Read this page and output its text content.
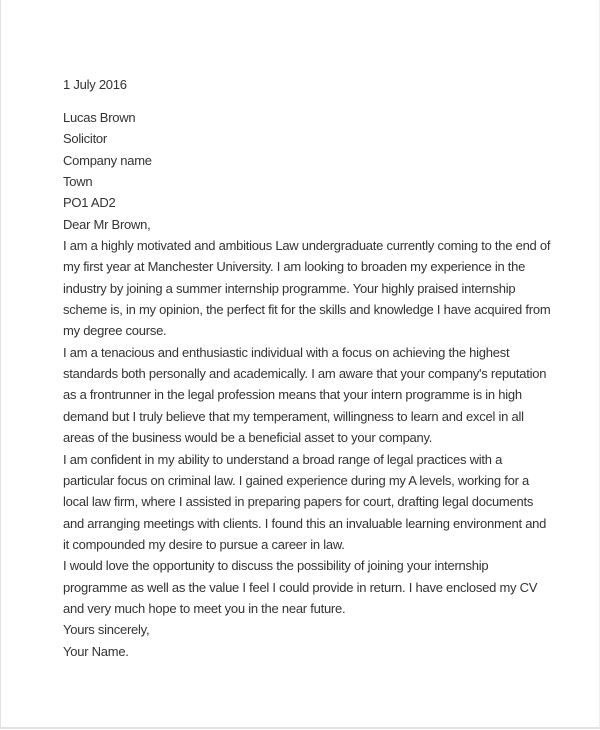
1 July 2016
Lucas Brown
Solicitor
Company name
Town
PO1 AD2
Dear Mr Brown,
I am a highly motivated and ambitious Law undergraduate currently coming to the end of
my first year at Manchester University. I am looking to broaden my experience in the
industry by joining a summer internship programme. Your highly praised internship
scheme is, in my opinion, the perfect fit for the skills and knowledge I have acquired from
my degree course.
I am a tenacious and enthusiastic individual with a focus on achieving the highest
standards both personally and academically. I am aware that your company's reputation
as a frontrunner in the legal profession means that your intern programme is in high
demand but I truly believe that my temperament, willingness to learn and excel in all
areas of the business would be a beneficial asset to your company.
I am confident in my ability to understand a broad range of legal practices with a
particular focus on criminal law. I gained experience during my A levels, working for a
local law firm, where I assisted in preparing papers for court, drafting legal documents
and arranging meetings with clients. I found this an invaluable learning environment and
it compounded my desire to pursue a career in law.
I would love the opportunity to discuss the possibility of joining your internship
programme as well as the value I feel I could provide in return. I have enclosed my CV
and very much hope to meet you in the near future.
Yours sincerely,
Your Name.
